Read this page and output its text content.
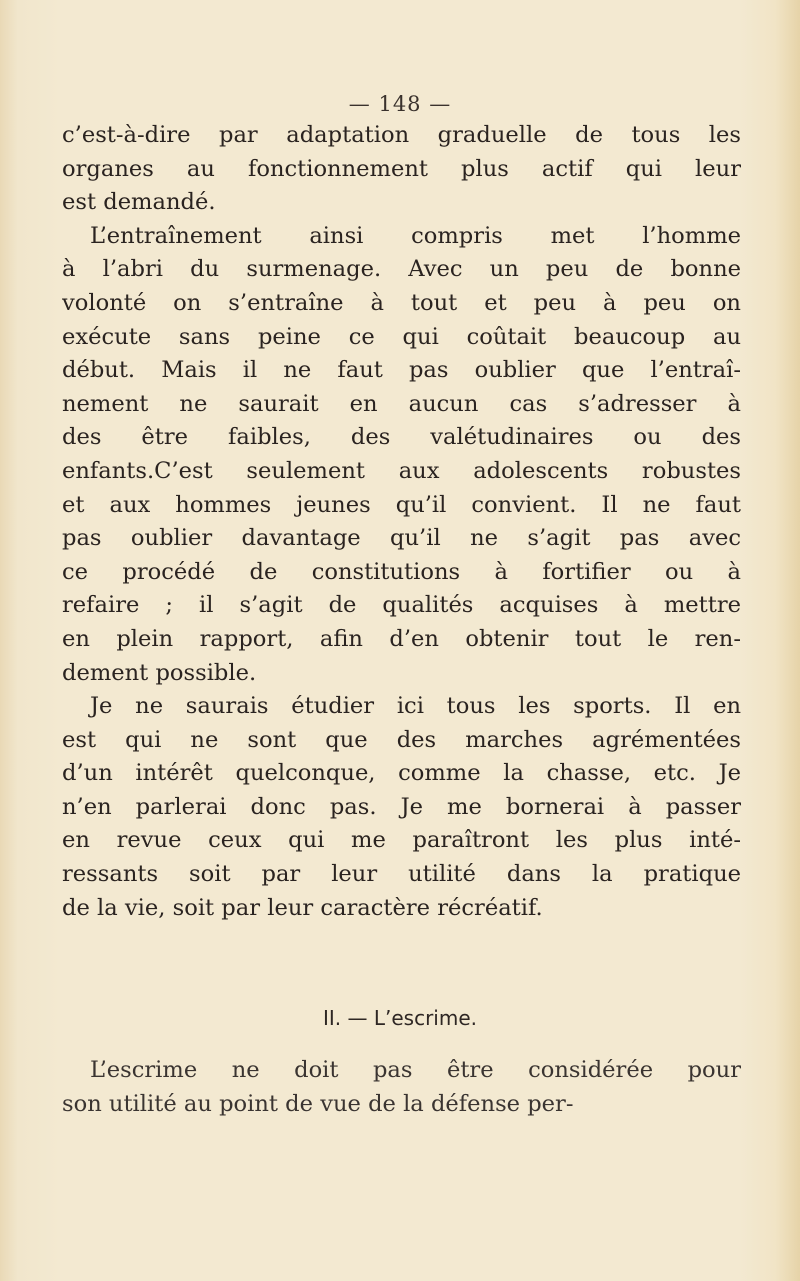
— 148 —
c’est-à-dire par adaptation graduelle de tous les
organes au fonctionnement plus actif qui leur
est demandé.
L’entraînement ainsi compris met l’homme
à l’abri du surmenage. Avec un peu de bonne
volonté on s’entraîne à tout et peu à peu on
exécute sans peine ce qui coûtait beaucoup au
début. Mais il ne faut pas oublier que l’entraî-
nement ne saurait en aucun cas s’adresser à
des être faibles, des valétudinaires ou des
enfants.C’est seulement aux adolescents robustes
et aux hommes jeunes qu’il convient. Il ne faut
pas oublier davantage qu’il ne s’agit pas avec
ce procédé de constitutions à fortifier ou à
refaire ; il s’agit de qualités acquises à mettre
en plein rapport, afin d’en obtenir tout le ren-
dement possible.
Je ne saurais étudier ici tous les sports. Il en
est qui ne sont que des marches agrémentées
d’un intérêt quelconque, comme la chasse, etc. Je
n’en parlerai donc pas. Je me bornerai à passer
en revue ceux qui me paraîtront les plus inté-
ressants soit par leur utilité dans la pratique
de la vie, soit par leur caractère récréatif.
II. — L’escrime.
L’escrime ne doit pas être considérée pour
son utilité au point de vue de la défense per-
